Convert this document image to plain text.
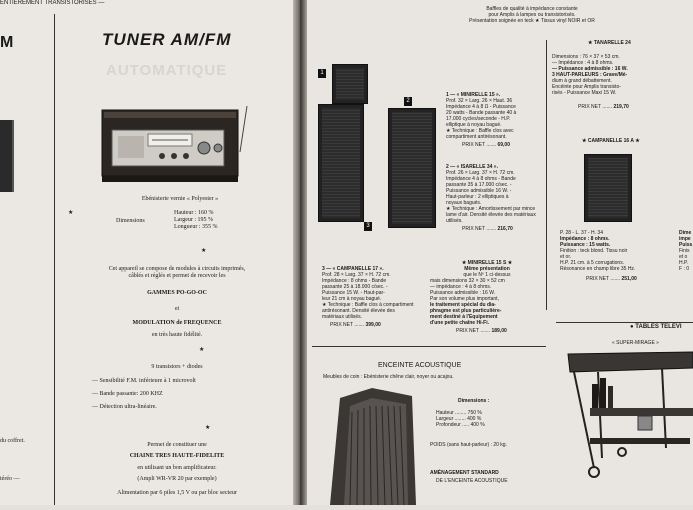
ENTIEREMENT TRANSISTORISES —
M
du coffret.
téréo —
TUNER AM/FM
AUTOMATIQUE
Ebénisterie vernie « Polyester »
★
Dimensions
Hauteur : 160 %
Largeur : 195 %
Longueur : 355 %
★
Cet appareil se compose de modules à circuits imprimés,
câblés et réglés et permet de recevoir les
GAMMES PO-GO-OC
et
MODULATION de FREQUENCE
en très haute fidélité.
★
9 transistors + diodes
— Sensibilité F.M. inférieure à 1 microvolt
— Bande passante: 200 KHZ
— Détection ultra-linéaire.
★
Permet de constituer une
CHAINE TRES HAUTE-FIDELITE
en utilisant un bon amplificateur.
(Ampli WR-VR 20 par exemple)
Alimentation par 6 piles 1,5 V ou par bloc secteur
Baffles de qualité à impédance constante
pour Amplis à lampes ou transistorisés.
Présentation soignée en teck ★ Tissus vinyl NOIR et OR
1
2
3
1 — « MINIRELLE 15 ».
Prof. 32 × Larg. 26 × Haut. 36
Impédance 4 à 8 Ω - Puissance
20 watts - Bande passante 40 à
17.000 cycles/seconde - H.P.
elliptique à noyau bagué.
★ Technique : Baffle clos avec compartiment antirésonant.
PRIX NET ....... 69,00
2 — « ISARELLE 34 ».
Prof. 26 × Larg. 37 × H. 72 cm.
Impédance 4 à 8 ohms - Bande
passante 35 à 17.000 c/sec. -
Puissance admissible 16 W. -
Haut-parleur : 2 elliptiques à
noyaux bagués.
★ Technique : Amortissement par mince lame d'air. Densité élevée des matériaux utilisés.
PRIX NET ....... 216,70
3 — « CAMPANELLE 17 ».
Prof. 28 × Larg. 37 × H. 72 cm.
Impédance : 8 ohms - Bande
passante 25 à 18.000 c/sec. -
Puissance 15 W. - Haut-par-
leur 21 cm à noyau bagué.
★ Technique : Baffle clos à compartiment antirésonant. Densité élevée des matériaux utilisés.
PRIX NET ....... 399,00
★ MINIRELLE 15 S ★
Même présentation
que le Nº 1 ci-dessus
mais dimensions 32 × 30 × 52 cm
— impédance : 4 à 8 ohms.
Puissance admissible : 16 W.
Par son volume plus important,
le traitement spécial du dia-
phragme est plus particulière-
ment destiné à l'Equipement
d'une petite chaîne Hi-Fi.
PRIX NET ....... 189,00
ENCEINTE ACOUSTIQUE
Meubles de coin : Ebénisterie chêne clair, noyer ou acajou.
Dimensions :
Hauteur ........ 750 %
Largeur ........ 400 %
Profondeur ..... 400 %
POIDS (sans haut-parleur) : 20 kg.
AMÉNAGEMENT STANDARD
DE L'ENCEINTE ACOUSTIQUE
★ TANARELLE 24
Dimensions : 76 × 37 × 53 cm.
— Impédance : 4 à 8 ohms.
— Puissance admissible : 16 W.
3 HAUT-PARLEURS : Grave/Mé-
dium à grand débattement.
Encéinte pour Amplis transisto-
risés - Puissance Maxi 15 W.
PRIX NET ....... 219,70
★ CAMPANELLE 16 A ★
P. 28 - L. 37 - H. 34
Impédance : 8 ohms.
Puissance : 15 watts.
Finition : teck blond. Tissu noir
et or.
H.P. 21 cm. à 5 corrugations.
Résonance en champ libre 35 Hz.
PRIX NET ....... 251,00
Dime
impe
Puiss
Finis
et o
H.P.
F : 0
● TABLES TELEVI
« SUPER-MIRAGE »
